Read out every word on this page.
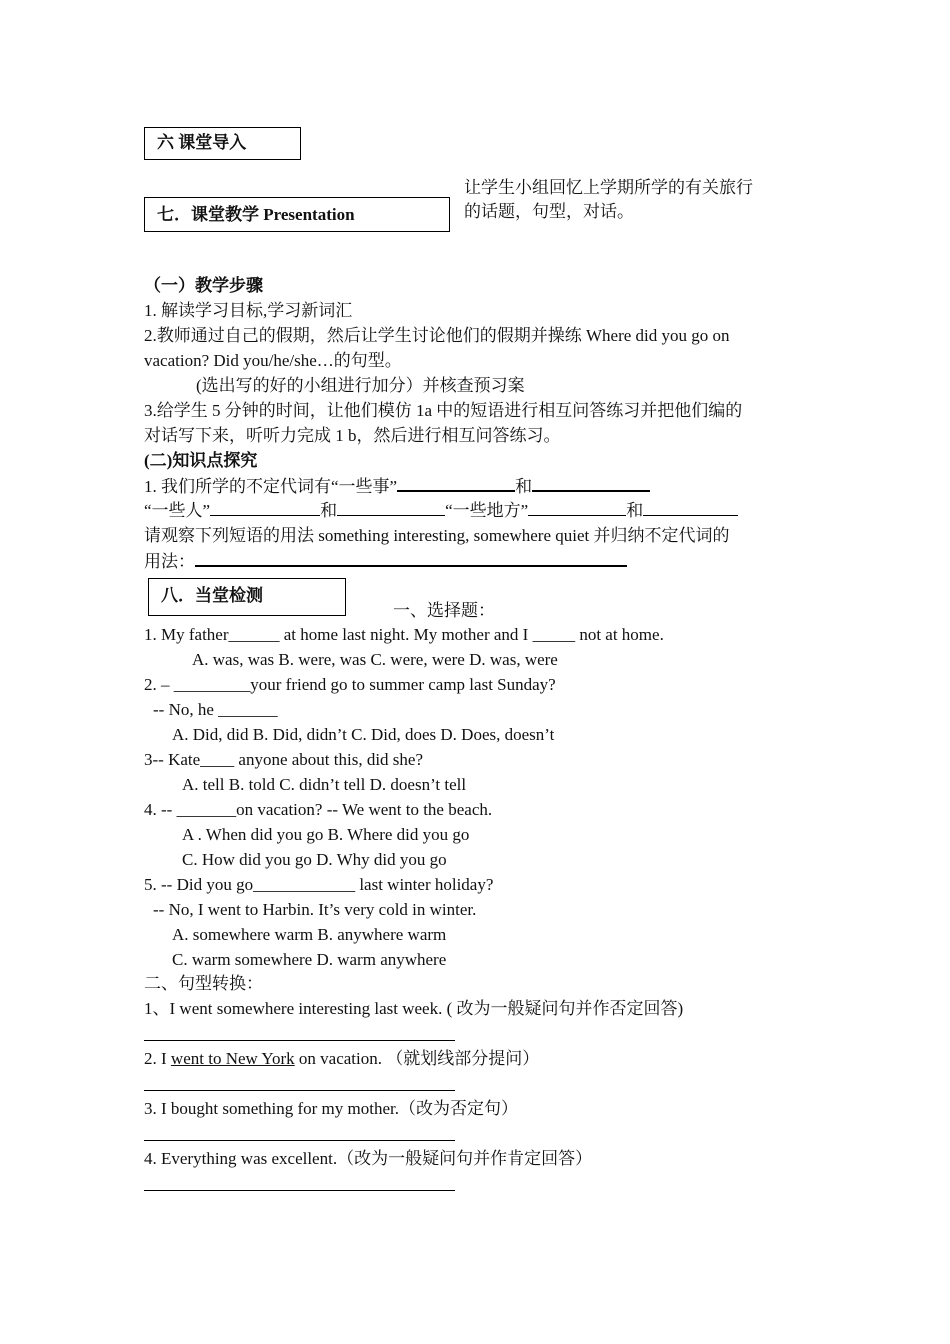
六 课堂导入
让学生小组回忆上学期所学的有关旅行
的话题，句型，对话。
七．课堂教学 Presentation
（一）教学步骤
1. 解读学习目标,学习新词汇
2.教师通过自己的假期，然后让学生讨论他们的假期并操练 Where did you go on
vacation? Did you/he/she…的句型。
(选出写的好的小组进行加分）并核查预习案
3.给学生 5 分钟的时间，让他们模仿 1a 中的短语进行相互问答练习并把他们编的
对话写下来，听听力完成 1 b，然后进行相互问答练习。
(二)知识点探究
1. 我们所学的不定代词有“一些事”	和
“一些人”	和	“一些地方”	和
请观察下列短语的用法 something interesting, somewhere quiet 并归纳不定代词的
用法：
八．当堂检测
一、选择题：
1. My father______ at home last night. My mother and I _____ not at home.
A. was, was B. were, was C. were, were D. was, were
2. – _________your friend go to summer camp last Sunday?
-- No, he _______
A. Did, did B. Did, didn’t C. Did, does D. Does, doesn’t
3-- Kate____ anyone about this, did she?
A. tell B. told C. didn’t tell D. doesn’t tell
4. -- _______on vacation? -- We went to the beach.
A . When did you go B. Where did you go
C. How did you go D. Why did you go
5. -- Did you go____________ last winter holiday?
-- No, I went to Harbin. It’s very cold in winter.
A. somewhere warm B. anywhere warm
C. warm somewhere D. warm anywhere
二、句型转换：
1、I went somewhere interesting last week. ( 改为一般疑问句并作否定回答)
2. I went to New York on vacation. （就划线部分提问）
3. I bought something for my mother.（改为否定句）
4. Everything was excellent.（改为一般疑问句并作肯定回答）
